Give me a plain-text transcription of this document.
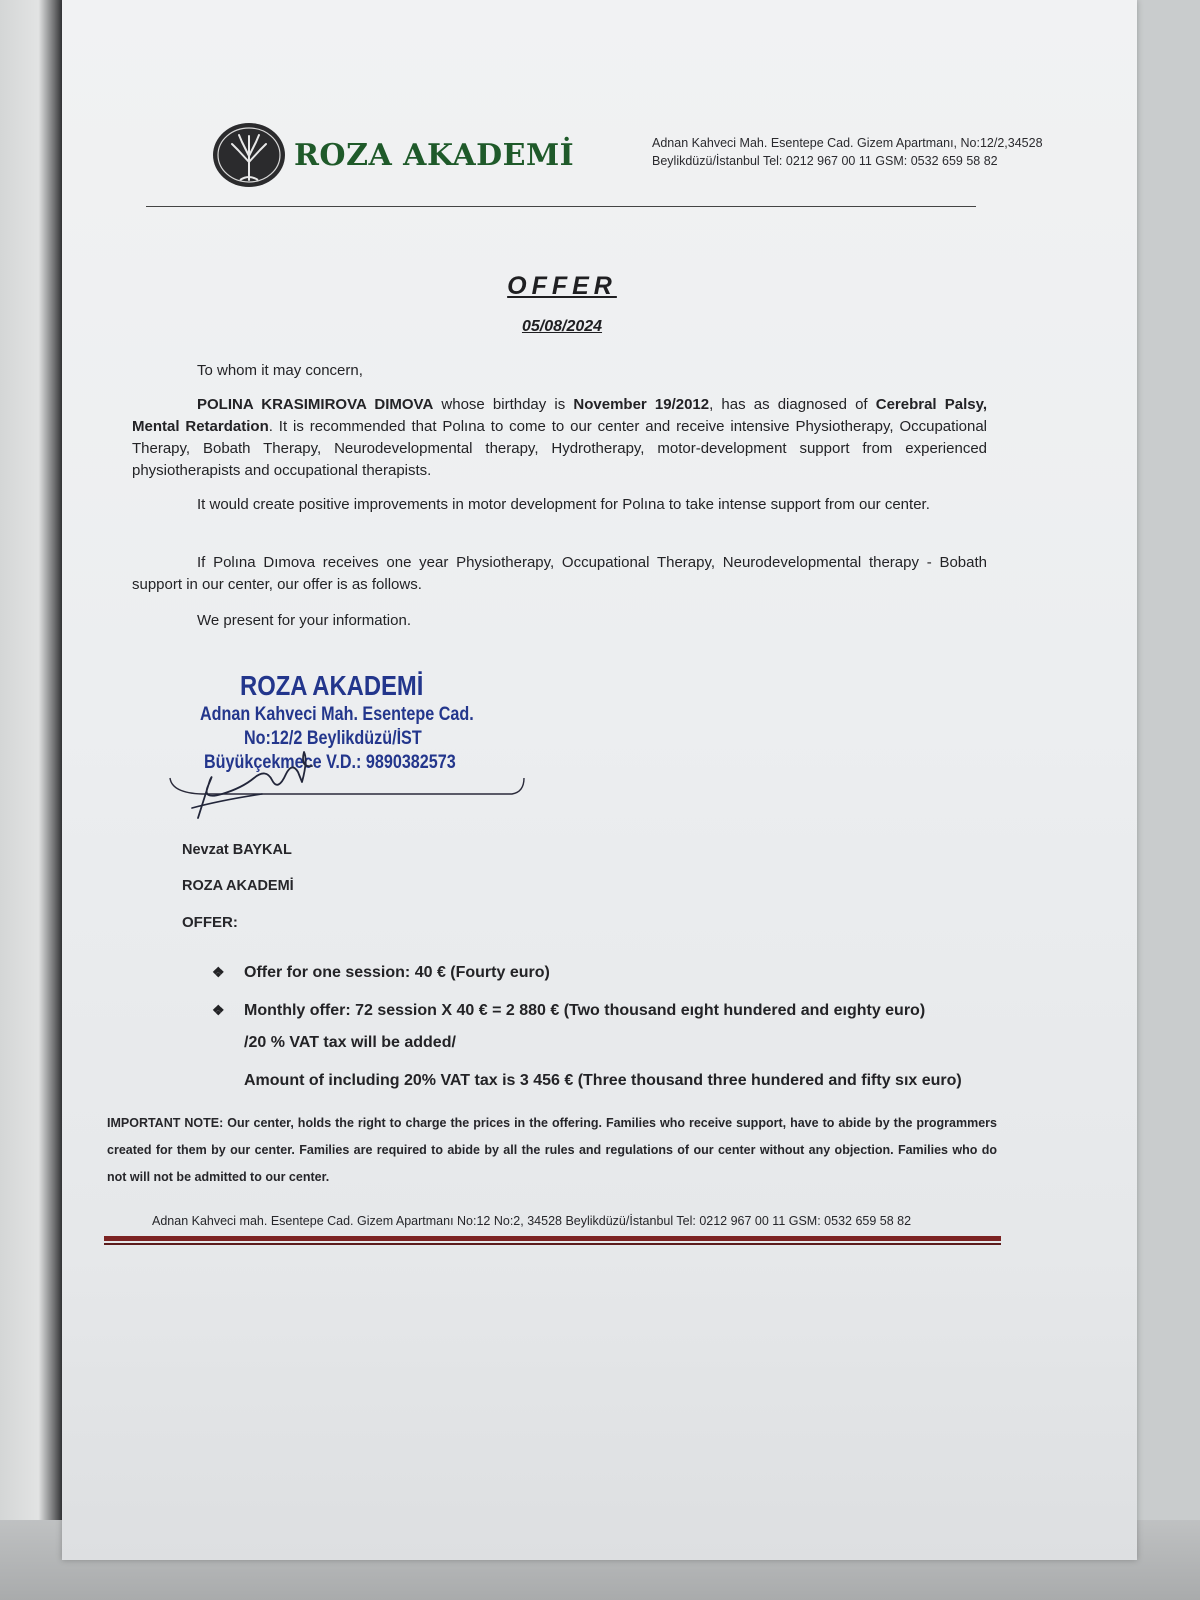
ROZA AKADEMİ	Adnan Kahveci Mah. Esentepe Cad. Gizem Apartmanı, No:12/2,34528
Beylikdüzü/İstanbul Tel: 0212 967 00 11 GSM: 0532 659 58 82
OFFER
05/08/2024
To whom it may concern,
POLINA KRASIMIROVA DIMOVA whose birthday is November 19/2012, has as diagnosed of Cerebral Palsy, Mental Retardation. It is recommended that Polına to come to our center and receive intensive Physiotherapy, Occupational Therapy, Bobath Therapy, Neurodevelopmental therapy, Hydrotherapy, motor-development support from experienced physiotherapists and occupational therapists.
It would create positive improvements in motor development for Polına to take intense support from our center.
If Polına Dımova receives one year Physiotherapy, Occupational Therapy, Neurodevelopmental therapy - Bobath support in our center, our offer is as follows.
We present for your information.
ROZA AKADEMİ
Adnan Kahveci Mah. Esentepe Cad.
No:12/2 Beylikdüzü/İST
Büyükçekmece V.D.: 9890382573
Nevzat BAYKAL
ROZA AKADEMİ
OFFER:
❖ Offer for one session: 40 € (Fourty euro)
❖ Monthly offer: 72 session X 40 € = 2 880 € (Two thousand eıght hundered and eıghty euro)
/20 % VAT tax will be added/
Amount of including 20% VAT tax is 3 456 € (Three thousand three hundered and fifty sıx euro)
IMPORTANT NOTE: Our center, holds the right to charge the prices in the offering. Families who receive support, have to abide by the programmers created for them by our center. Families are required to abide by all the rules and regulations of our center without any objection. Families who do not will not be admitted to our center.
Adnan Kahveci mah. Esentepe Cad. Gizem Apartmanı No:12 No:2, 34528 Beylikdüzü/İstanbul Tel: 0212 967 00 11 GSM: 0532 659 58 82
